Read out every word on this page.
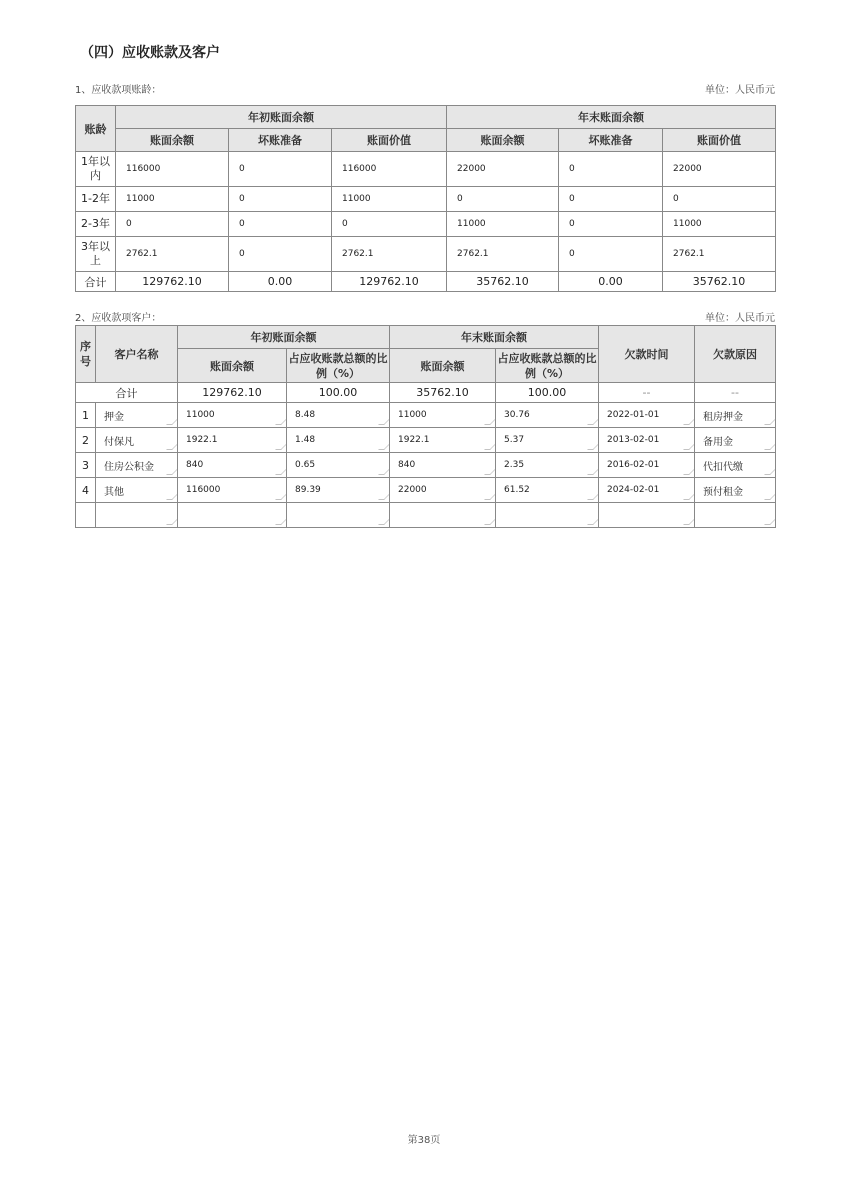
（四）应收账款及客户
1、应收款项账龄：	单位：人民币元
账龄	年初账面余额			年末账面余额		
	账面余额	坏账准备	账面价值	账面余额	坏账准备	账面价值
1年以内	116000	0	116000	22000	0	22000
1-2年	11000	0	11000	0	0	0
2-3年	0	0	0	11000	0	11000
3年以上	2762.1	0	2762.1	2762.1	0	2762.1
合计	129762.10	0.00	129762.10	35762.10	0.00	35762.10
2、应收款项客户：	单位：人民币元
序号	客户名称	年初账面余额		年末账面余额		欠款时间	欠款原因
		账面余额	占应收账款总额的比例（%）	账面余额	占应收账款总额的比例（%）		
合计		129762.10	100.00	35762.10	100.00	--	--
1	押金	11000	8.48	11000	30.76	2022-01-01	租房押金
2	付保凡	1922.1	1.48	1922.1	5.37	2013-02-01	备用金
3	住房公积金	840	0.65	840	2.35	2016-02-01	代扣代缴
4	其他	116000	89.39	22000	61.52	2024-02-01	预付租金

第38页
